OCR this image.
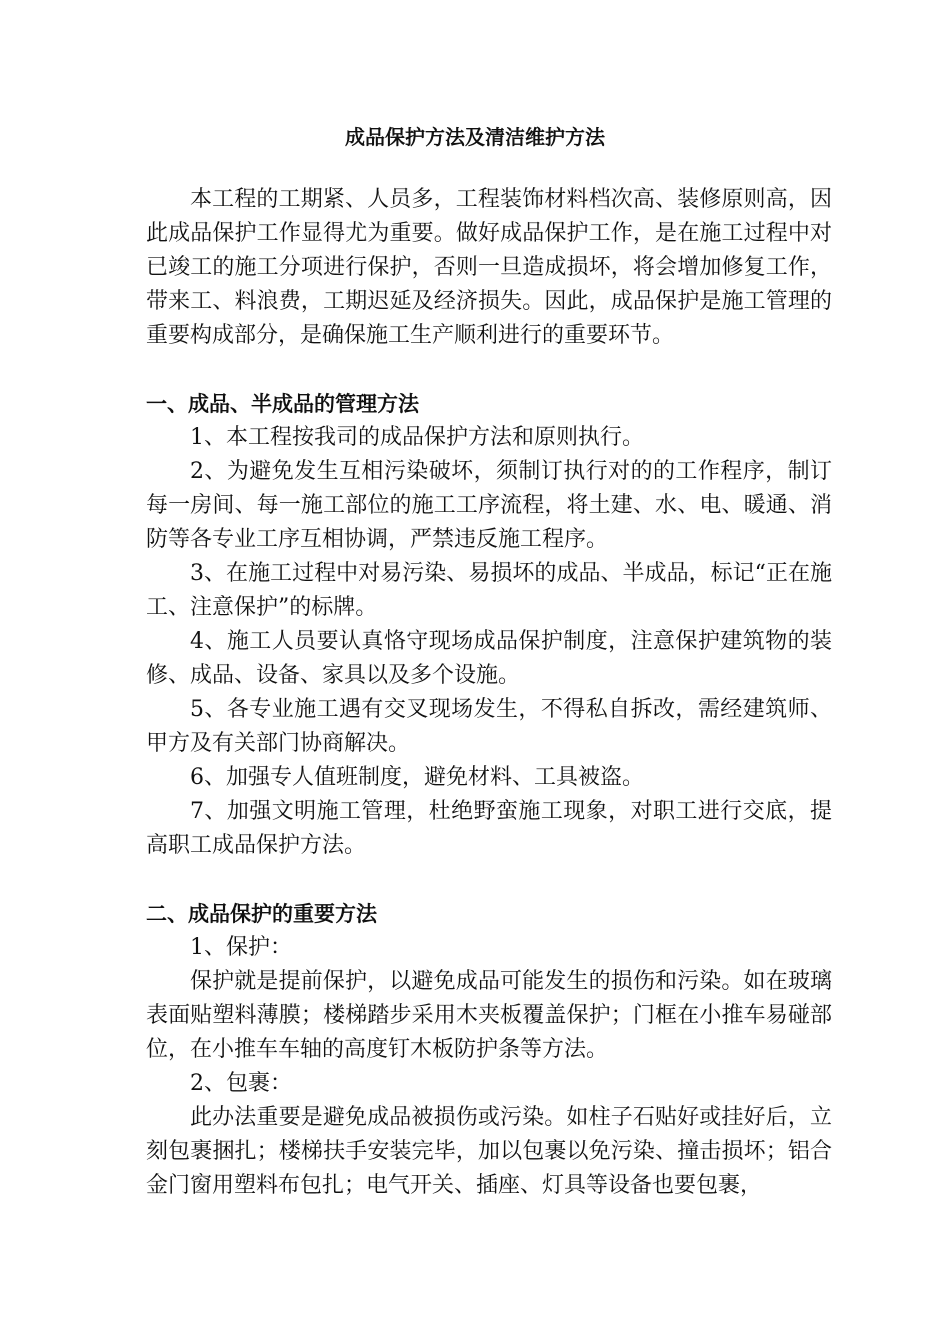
成品保护方法及清洁维护方法

本工程的工期紧、人员多，工程装饰材料档次高、装修原则高，因此成品保护工作显得尤为重要。做好成品保护工作，是在施工过程中对已竣工的施工分项进行保护，否则一旦造成损坏，将会增加修复工作，带来工、料浪费，工期迟延及经济损失。因此，成品保护是施工管理的重要构成部分，是确保施工生产顺利进行的重要环节。

一、成品、半成品的管理方法

1、本工程按我司的成品保护方法和原则执行。

2、为避免发生互相污染破坏，须制订执行对的的工作程序，制订每一房间、每一施工部位的施工工序流程，将土建、水、电、暖通、消防等各专业工序互相协调，严禁违反施工程序。

3、在施工过程中对易污染、易损坏的成品、半成品，标记“正在施工、注意保护”的标牌。

4、施工人员要认真恪守现场成品保护制度，注意保护建筑物的装修、成品、设备、家具以及多个设施。

5、各专业施工遇有交叉现场发生，不得私自拆改，需经建筑师、甲方及有关部门协商解决。

6、加强专人值班制度，避免材料、工具被盗。

7、加强文明施工管理，杜绝野蛮施工现象，对职工进行交底，提高职工成品保护方法。

二、成品保护的重要方法

1、保护：

保护就是提前保护，以避免成品可能发生的损伤和污染。如在玻璃表面贴塑料薄膜；楼梯踏步采用木夹板覆盖保护；门框在小推车易碰部位，在小推车车轴的高度钉木板防护条等方法。

2、包裹：

此办法重要是避免成品被损伤或污染。如柱子石贴好或挂好后，立刻包裹捆扎；楼梯扶手安装完毕，加以包裹以免污染、撞击损坏；铝合金门窗用塑料布包扎；电气开关、插座、灯具等设备也要包裹，
